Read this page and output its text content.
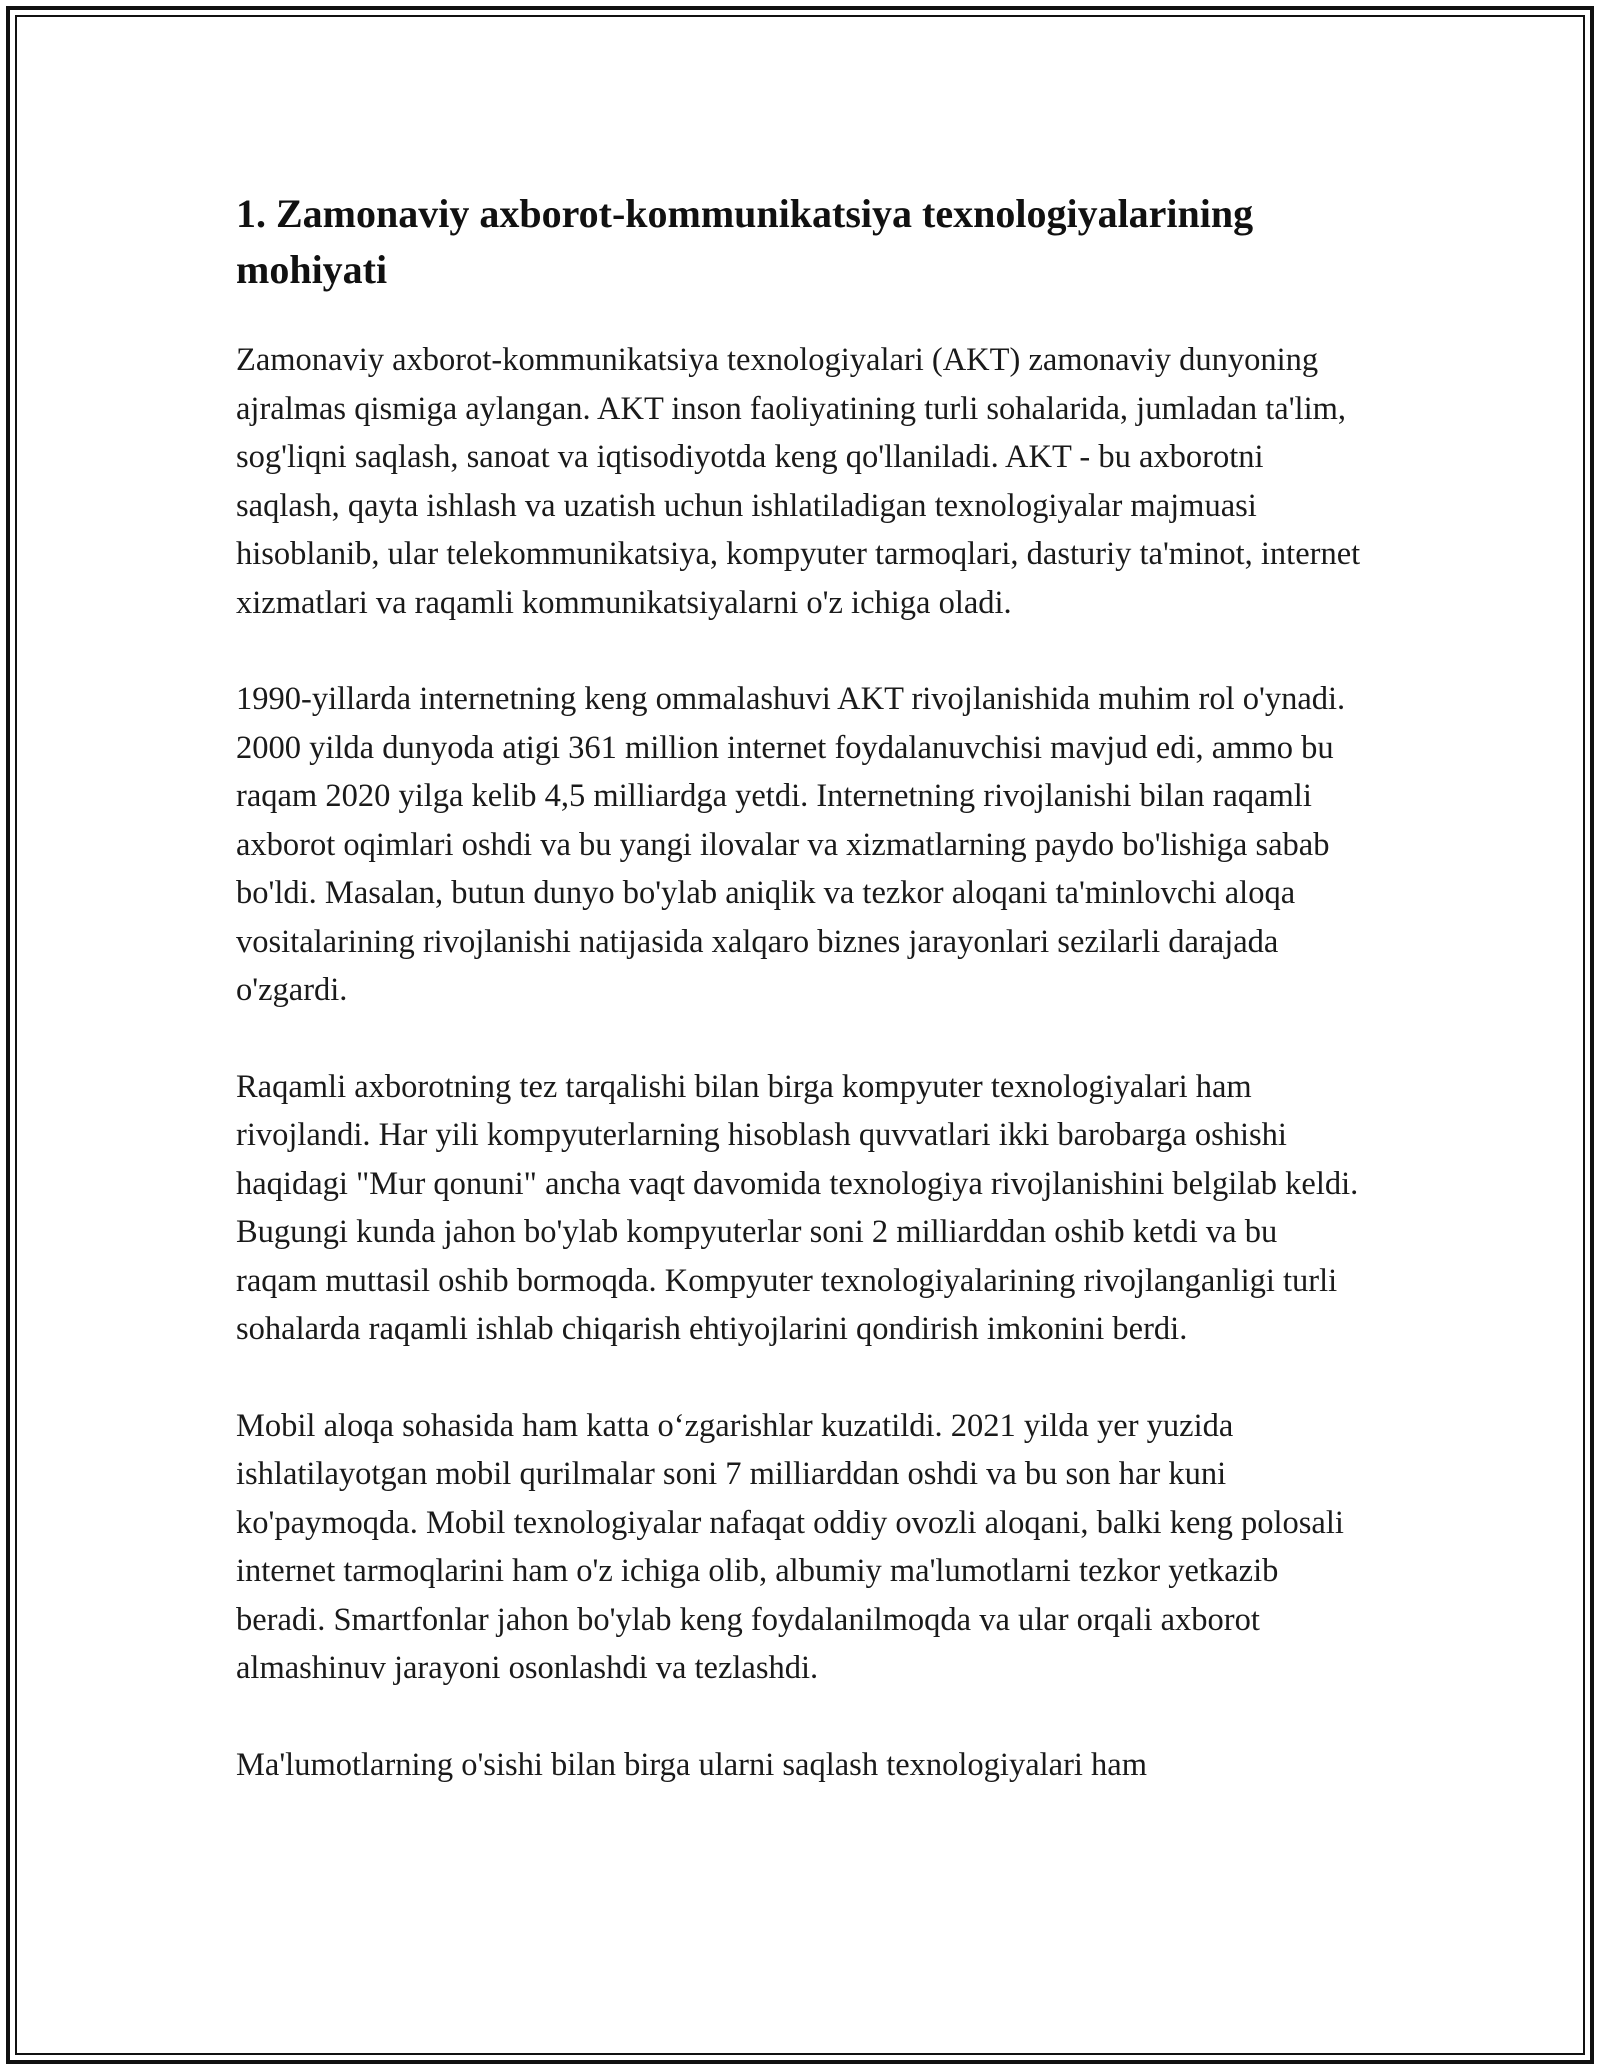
1. Zamonaviy axborot-kommunikatsiya texnologiyalarining mohiyati

Zamonaviy axborot-kommunikatsiya texnologiyalari (AKT) zamonaviy dunyoning ajralmas qismiga aylangan. AKT inson faoliyatining turli sohalarida, jumladan ta'lim, sog'liqni saqlash, sanoat va iqtisodiyotda keng qo'llaniladi. AKT - bu axborotni saqlash, qayta ishlash va uzatish uchun ishlatiladigan texnologiyalar majmuasi hisoblanib, ular telekommunikatsiya, kompyuter tarmoqlari, dasturiy ta'minot, internet xizmatlari va raqamli kommunikatsiyalarni o'z ichiga oladi.

1990-yillarda internetning keng ommalashuvi AKT rivojlanishida muhim rol o'ynadi. 2000 yilda dunyoda atigi 361 million internet foydalanuvchisi mavjud edi, ammo bu raqam 2020 yilga kelib 4,5 milliardga yetdi. Internetning rivojlanishi bilan raqamli axborot oqimlari oshdi va bu yangi ilovalar va xizmatlarning paydo bo'lishiga sabab bo'ldi. Masalan, butun dunyo bo'ylab aniqlik va tezkor aloqani ta'minlovchi aloqa vositalarining rivojlanishi natijasida xalqaro biznes jarayonlari sezilarli darajada o'zgardi.

Raqamli axborotning tez tarqalishi bilan birga kompyuter texnologiyalari ham rivojlandi. Har yili kompyuterlarning hisoblash quvvatlari ikki barobarga oshishi haqidagi "Mur qonuni" ancha vaqt davomida texnologiya rivojlanishini belgilab keldi. Bugungi kunda jahon bo'ylab kompyuterlar soni 2 milliarddan oshib ketdi va bu raqam muttasil oshib bormoqda. Kompyuter texnologiyalarining rivojlanganligi turli sohalarda raqamli ishlab chiqarish ehtiyojlarini qondirish imkonini berdi.

Mobil aloqa sohasida ham katta o‘zgarishlar kuzatildi. 2021 yilda yer yuzida ishlatilayotgan mobil qurilmalar soni 7 milliarddan oshdi va bu son har kuni ko'paymoqda. Mobil texnologiyalar nafaqat oddiy ovozli aloqani, balki keng polosali internet tarmoqlarini ham o'z ichiga olib, albumiy ma'lumotlarni tezkor yetkazib beradi. Smartfonlar jahon bo'ylab keng foydalanilmoqda va ular orqali axborot almashinuv jarayoni osonlashdi va tezlashdi.

Ma'lumotlarning o'sishi bilan birga ularni saqlash texnologiyalari ham
